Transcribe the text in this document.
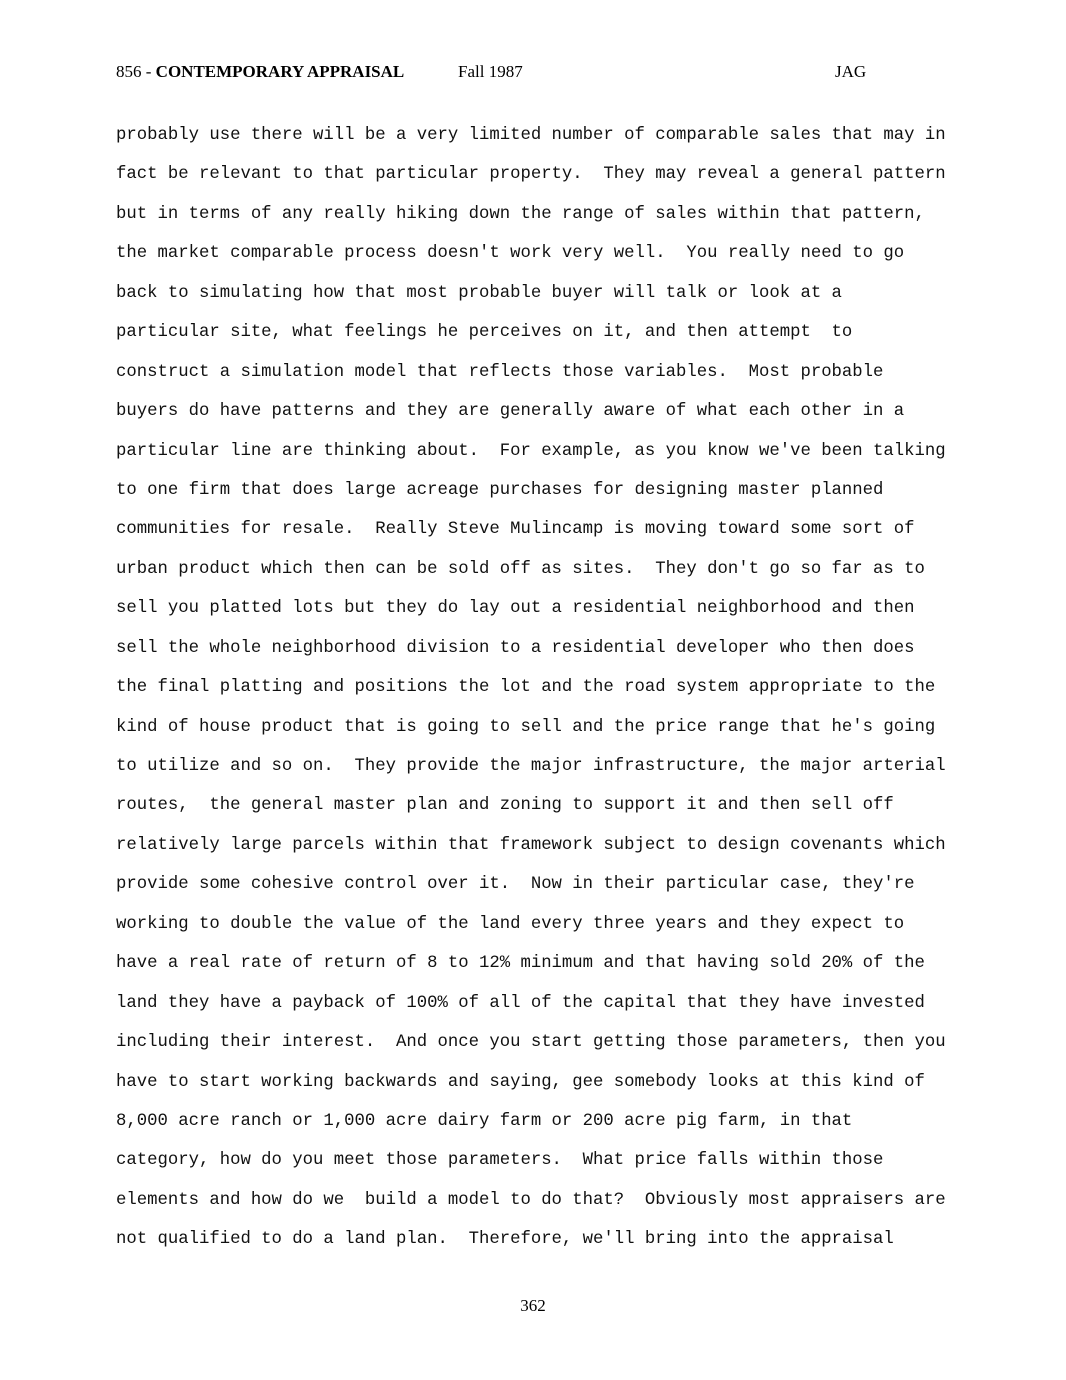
856 - CONTEMPORARY APPRAISAL	Fall 1987	JAG
probably use there will be a very limited number of comparable sales that may in
fact be relevant to that particular property.  They may reveal a general pattern
but in terms of any really hiking down the range of sales within that pattern,
the market comparable process doesn't work very well.  You really need to go
back to simulating how that most probable buyer will talk or look at a
particular site, what feelings he perceives on it, and then attempt  to
construct a simulation model that reflects those variables.  Most probable
buyers do have patterns and they are generally aware of what each other in a
particular line are thinking about.  For example, as you know we've been talking
to one firm that does large acreage purchases for designing master planned
communities for resale.  Really Steve Mulincamp is moving toward some sort of
urban product which then can be sold off as sites.  They don't go so far as to
sell you platted lots but they do lay out a residential neighborhood and then
sell the whole neighborhood division to a residential developer who then does
the final platting and positions the lot and the road system appropriate to the
kind of house product that is going to sell and the price range that he's going
to utilize and so on.  They provide the major infrastructure, the major arterial
routes,  the general master plan and zoning to support it and then sell off
relatively large parcels within that framework subject to design covenants which
provide some cohesive control over it.  Now in their particular case, they're
working to double the value of the land every three years and they expect to
have a real rate of return of 8 to 12% minimum and that having sold 20% of the
land they have a payback of 100% of all of the capital that they have invested
including their interest.  And once you start getting those parameters, then you
have to start working backwards and saying, gee somebody looks at this kind of
8,000 acre ranch or 1,000 acre dairy farm or 200 acre pig farm, in that
category, how do you meet those parameters.  What price falls within those
elements and how do we  build a model to do that?  Obviously most appraisers are
not qualified to do a land plan.  Therefore, we'll bring into the appraisal
362
